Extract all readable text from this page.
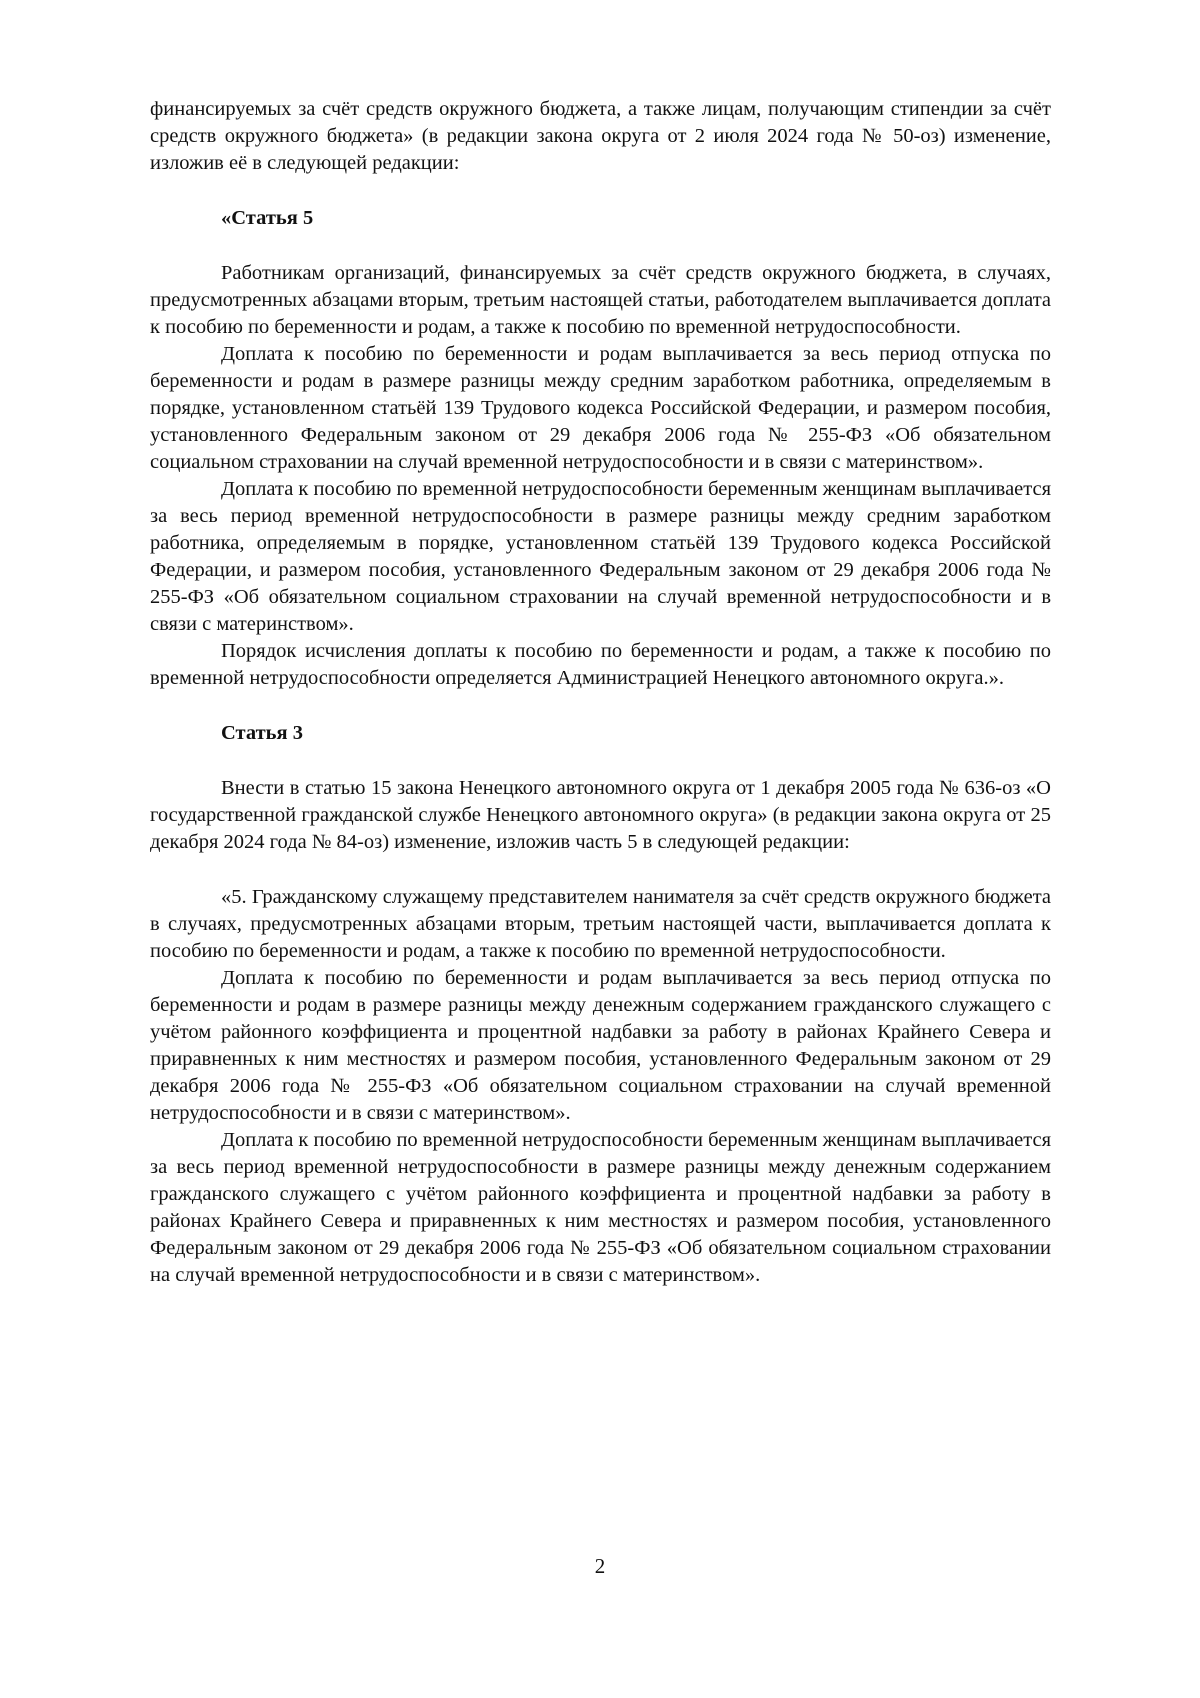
финансируемых за счёт средств окружного бюджета, а также лицам, получающим стипендии за счёт средств окружного бюджета» (в редакции закона округа от 2 июля 2024 года № 50-оз) изменение, изложив её в следующей редакции:

«Статья 5

Работникам организаций, финансируемых за счёт средств окружного бюджета, в случаях, предусмотренных абзацами вторым, третьим настоящей статьи, работодателем выплачивается доплата к пособию по беременности и родам, а также к пособию по временной нетрудоспособности.

Доплата к пособию по беременности и родам выплачивается за весь период отпуска по беременности и родам в размере разницы между средним заработком работника, определяемым в порядке, установленном статьёй 139 Трудового кодекса Российской Федерации, и размером пособия, установленного Федеральным законом от 29 декабря 2006 года № 255-ФЗ «Об обязательном социальном страховании на случай временной нетрудоспособности и в связи с материнством».

Доплата к пособию по временной нетрудоспособности беременным женщинам выплачивается за весь период временной нетрудоспособности в размере разницы между средним заработком работника, определяемым в порядке, установленном статьёй 139 Трудового кодекса Российской Федерации, и размером пособия, установленного Федеральным законом от 29 декабря 2006 года № 255-ФЗ «Об обязательном социальном страховании на случай временной нетрудоспособности и в связи с материнством».

Порядок исчисления доплаты к пособию по беременности и родам, а также к пособию по временной нетрудоспособности определяется Администрацией Ненецкого автономного округа.».

Статья 3

Внести в статью 15 закона Ненецкого автономного округа от 1 декабря 2005 года № 636-оз «О государственной гражданской службе Ненецкого автономного округа» (в редакции закона округа от 25 декабря 2024 года № 84-оз) изменение, изложив часть 5 в следующей редакции:

«5. Гражданскому служащему представителем нанимателя за счёт средств окружного бюджета в случаях, предусмотренных абзацами вторым, третьим настоящей части, выплачивается доплата к пособию по беременности и родам, а также к пособию по временной нетрудоспособности.

Доплата к пособию по беременности и родам выплачивается за весь период отпуска по беременности и родам в размере разницы между денежным содержанием гражданского служащего с учётом районного коэффициента и процентной надбавки за работу в районах Крайнего Севера и приравненных к ним местностях и размером пособия, установленного Федеральным законом от 29 декабря 2006 года № 255-ФЗ «Об обязательном социальном страховании на случай временной нетрудоспособности и в связи с материнством».

Доплата к пособию по временной нетрудоспособности беременным женщинам выплачивается за весь период временной нетрудоспособности в размере разницы между денежным содержанием гражданского служащего с учётом районного коэффициента и процентной надбавки за работу в районах Крайнего Севера и приравненных к ним местностях и размером пособия, установленного Федеральным законом от 29 декабря 2006 года № 255-ФЗ «Об обязательном социальном страховании на случай временной нетрудоспособности и в связи с материнством».

2
